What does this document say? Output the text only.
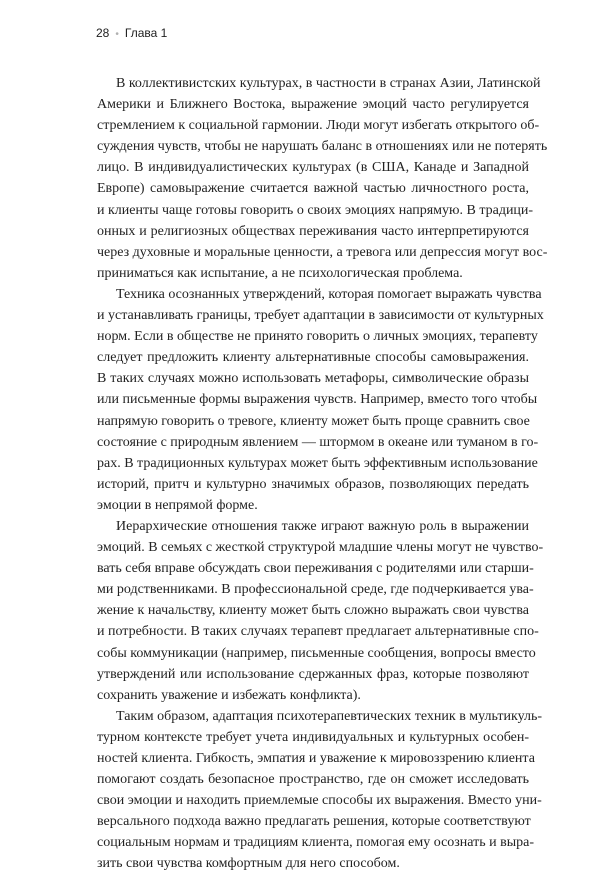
28 • Глава 1
В коллективистских культурах, в частности в странах Азии, Латинской
Америки и Ближнего Востока, выражение эмоций часто регулируется
стремлением к социальной гармонии. Люди могут избегать открытого об-
суждения чувств, чтобы не нарушать баланс в отношениях или не потерять
лицо. В индивидуалистических культурах (в США, Канаде и Западной
Европе) самовыражение считается важной частью личностного роста,
и клиенты чаще готовы говорить о своих эмоциях напрямую. В традици-
онных и религиозных обществах переживания часто интерпретируются
через духовные и моральные ценности, а тревога или депрессия могут вос-
приниматься как испытание, а не психологическая проблема.
Техника осознанных утверждений, которая помогает выражать чувства
и устанавливать границы, требует адаптации в зависимости от культурных
норм. Если в обществе не принято говорить о личных эмоциях, терапевту
следует предложить клиенту альтернативные способы самовыражения.
В таких случаях можно использовать метафоры, символические образы
или письменные формы выражения чувств. Например, вместо того чтобы
напрямую говорить о тревоге, клиенту может быть проще сравнить свое
состояние с природным явлением — штормом в океане или туманом в го-
рах. В традиционных культурах может быть эффективным использование
историй, притч и культурно значимых образов, позволяющих передать
эмоции в непрямой форме.
Иерархические отношения также играют важную роль в выражении
эмоций. В семьях с жесткой структурой младшие члены могут не чувство-
вать себя вправе обсуждать свои переживания с родителями или старши-
ми родственниками. В профессиональной среде, где подчеркивается ува-
жение к начальству, клиенту может быть сложно выражать свои чувства
и потребности. В таких случаях терапевт предлагает альтернативные спо-
собы коммуникации (например, письменные сообщения, вопросы вместо
утверждений или использование сдержанных фраз, которые позволяют
сохранить уважение и избежать конфликта).
Таким образом, адаптация психотерапевтических техник в мультикуль-
турном контексте требует учета индивидуальных и культурных особен-
ностей клиента. Гибкость, эмпатия и уважение к мировоззрению клиента
помогают создать безопасное пространство, где он сможет исследовать
свои эмоции и находить приемлемые способы их выражения. Вместо уни-
версального подхода важно предлагать решения, которые соответствуют
социальным нормам и традициям клиента, помогая ему осознать и выра-
зить свои чувства комфортным для него способом.
